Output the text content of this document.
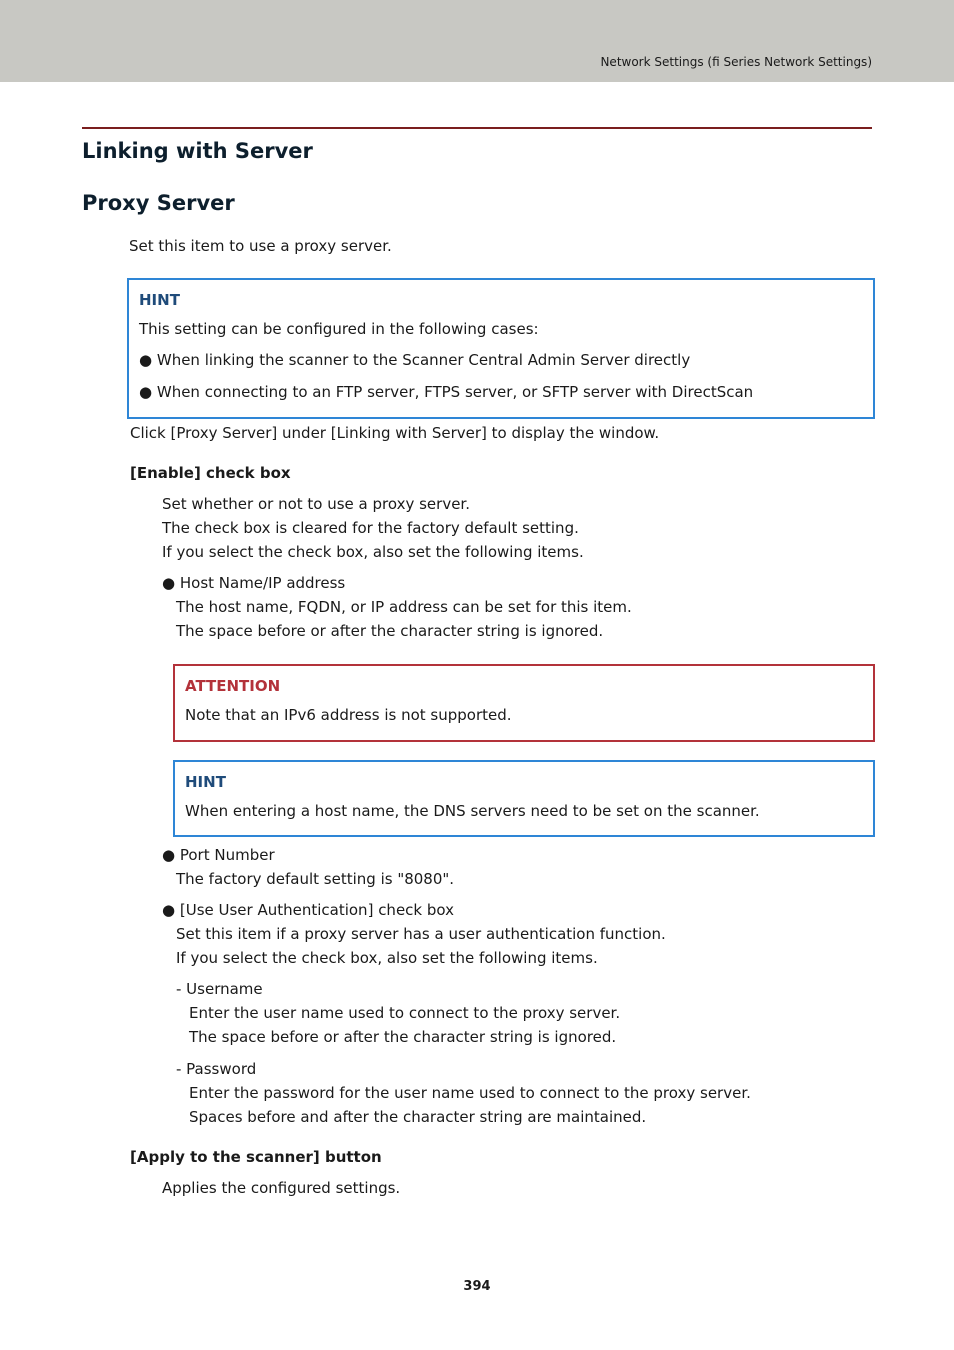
Network Settings (fi Series Network Settings)
Linking with Server
Proxy Server
Set this item to use a proxy server.
HINT
This setting can be configured in the following cases:
● When linking the scanner to the Scanner Central Admin Server directly
● When connecting to an FTP server, FTPS server, or SFTP server with DirectScan
Click [Proxy Server] under [Linking with Server] to display the window.
[Enable] check box
Set whether or not to use a proxy server.
The check box is cleared for the factory default setting.
If you select the check box, also set the following items.
● Host Name/IP address
The host name, FQDN, or IP address can be set for this item.
The space before or after the character string is ignored.
ATTENTION
Note that an IPv6 address is not supported.
HINT
When entering a host name, the DNS servers need to be set on the scanner.
● Port Number
The factory default setting is "8080".
● [Use User Authentication] check box
Set this item if a proxy server has a user authentication function.
If you select the check box, also set the following items.
- Username
Enter the user name used to connect to the proxy server.
The space before or after the character string is ignored.
- Password
Enter the password for the user name used to connect to the proxy server.
Spaces before and after the character string are maintained.
[Apply to the scanner] button
Applies the configured settings.
394
